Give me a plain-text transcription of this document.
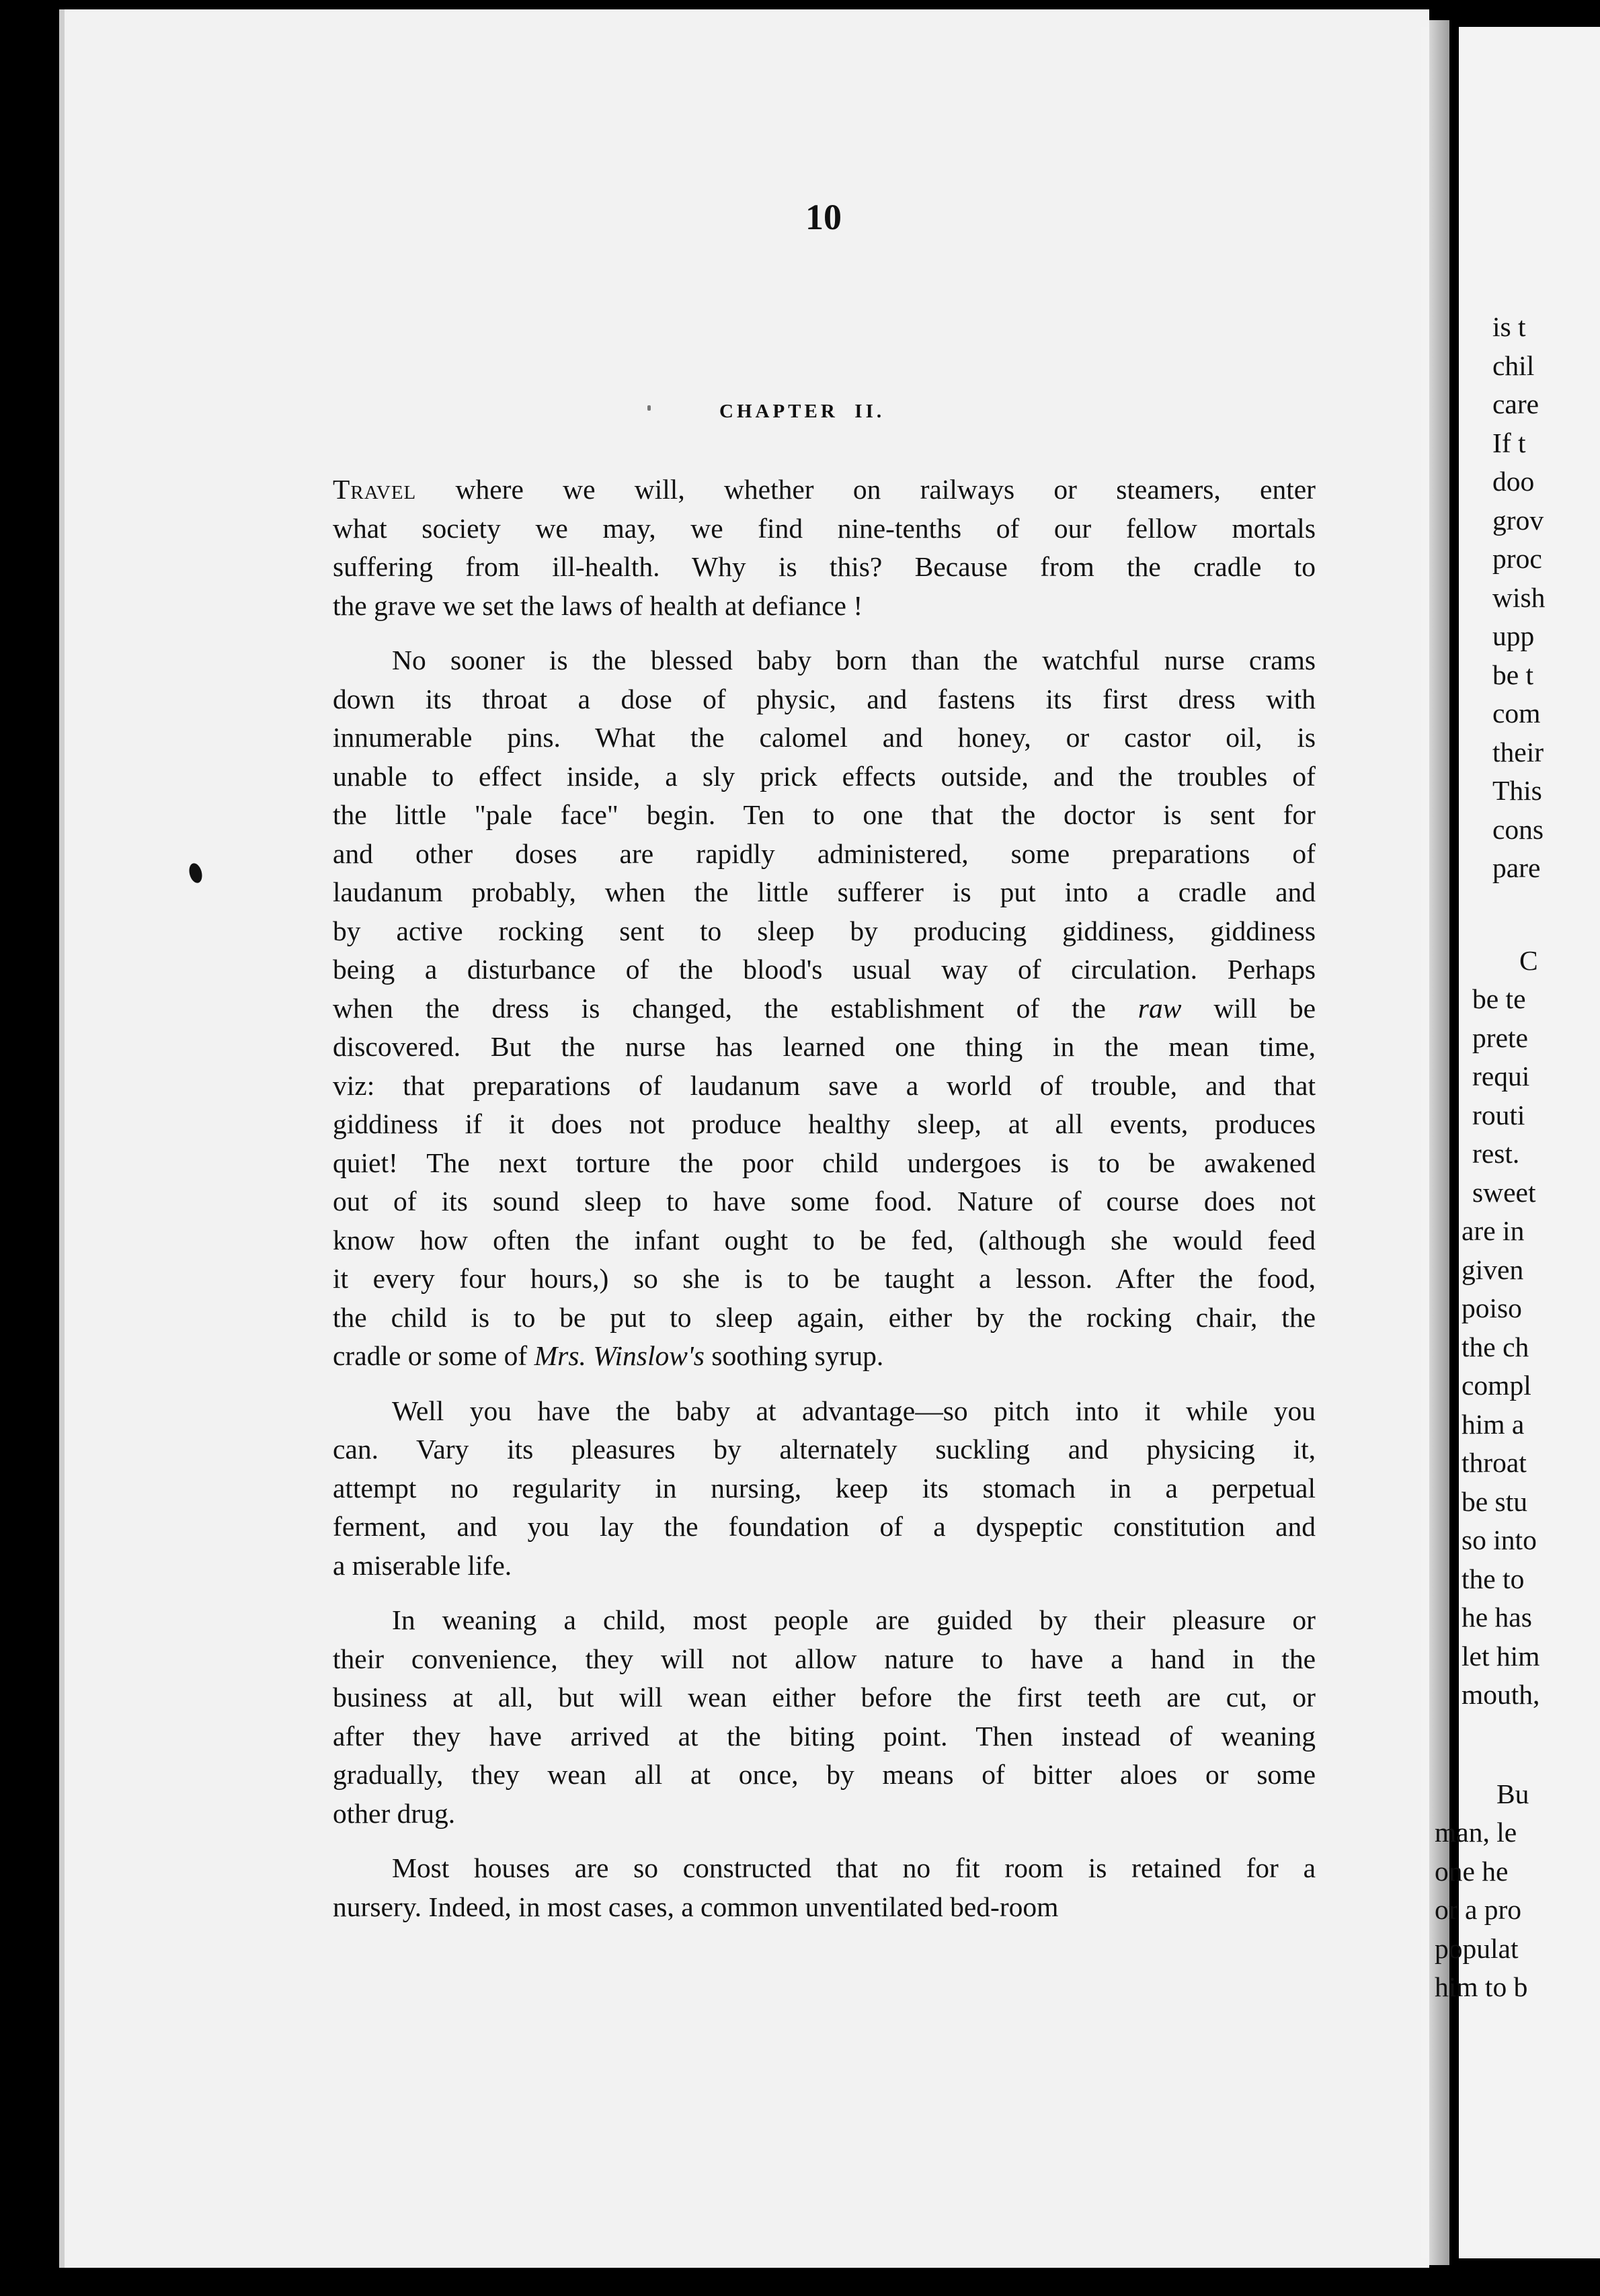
10
CHAPTER  II.

Travel where we will, whether on railways or steamers, enter

what society we may, we find nine-tenths of our fellow mortals

suffering from ill-health. Why is this? Because from the cradle to

the grave we set the laws of health at defiance !

No sooner is the blessed baby born than the watchful nurse crams

down its throat a dose of physic, and fastens its first dress with

innumerable pins. What the calomel and honey, or castor oil, is

unable to effect inside, a sly prick effects outside, and the troubles of

the little "pale face" begin. Ten to one that the doctor is sent for

and other doses are rapidly administered, some preparations of

laudanum probably, when the little sufferer is put into a cradle and

by active rocking sent to sleep by producing giddiness, giddiness

being a disturbance of the blood's usual way of circulation. Perhaps

when the dress is changed, the establishment of the raw will be

discovered. But the nurse has learned one thing in the mean time,

viz: that preparations of laudanum save a world of trouble, and that

giddiness if it does not produce healthy sleep, at all events, produces

quiet! The next torture the poor child undergoes is to be awakened

out of its sound sleep to have some food. Nature of course does not

know how often the infant ought to be fed, (although she would feed

it every four hours,) so she is to be taught a lesson. After the food,

the child is to be put to sleep again, either by the rocking chair, the

cradle or some of Mrs. Winslow's soothing syrup.

Well you have the baby at advantage—so pitch into it while you

can. Vary its pleasures by alternately suckling and physicing it,

attempt no regularity in nursing, keep its stomach in a perpetual

ferment, and you lay the foundation of a dyspeptic constitution and

a miserable life.

In weaning a child, most people are guided by their pleasure or

their convenience, they will not allow nature to have a hand in the

business at all, but will wean either before the first teeth are cut, or

after they have arrived at the biting point. Then instead of weaning

gradually, they wean all at once, by means of bitter aloes or some

other drug.

Most houses are so constructed that no fit room is retained for a

nursery. Indeed, in most cases, a common unventilated bed-room

is t
chil
care
If t
doo
grov
proc
wish
upp
be t
com
their
This
cons
pare
C
be te
prete
requi
routi
rest.
sweet
are in
given
poiso
the ch
compl
him a
throat
be stu
so into
the to
he has
let him
mouth,
Bu
man, le
one he
or a pro
populat
him to b
